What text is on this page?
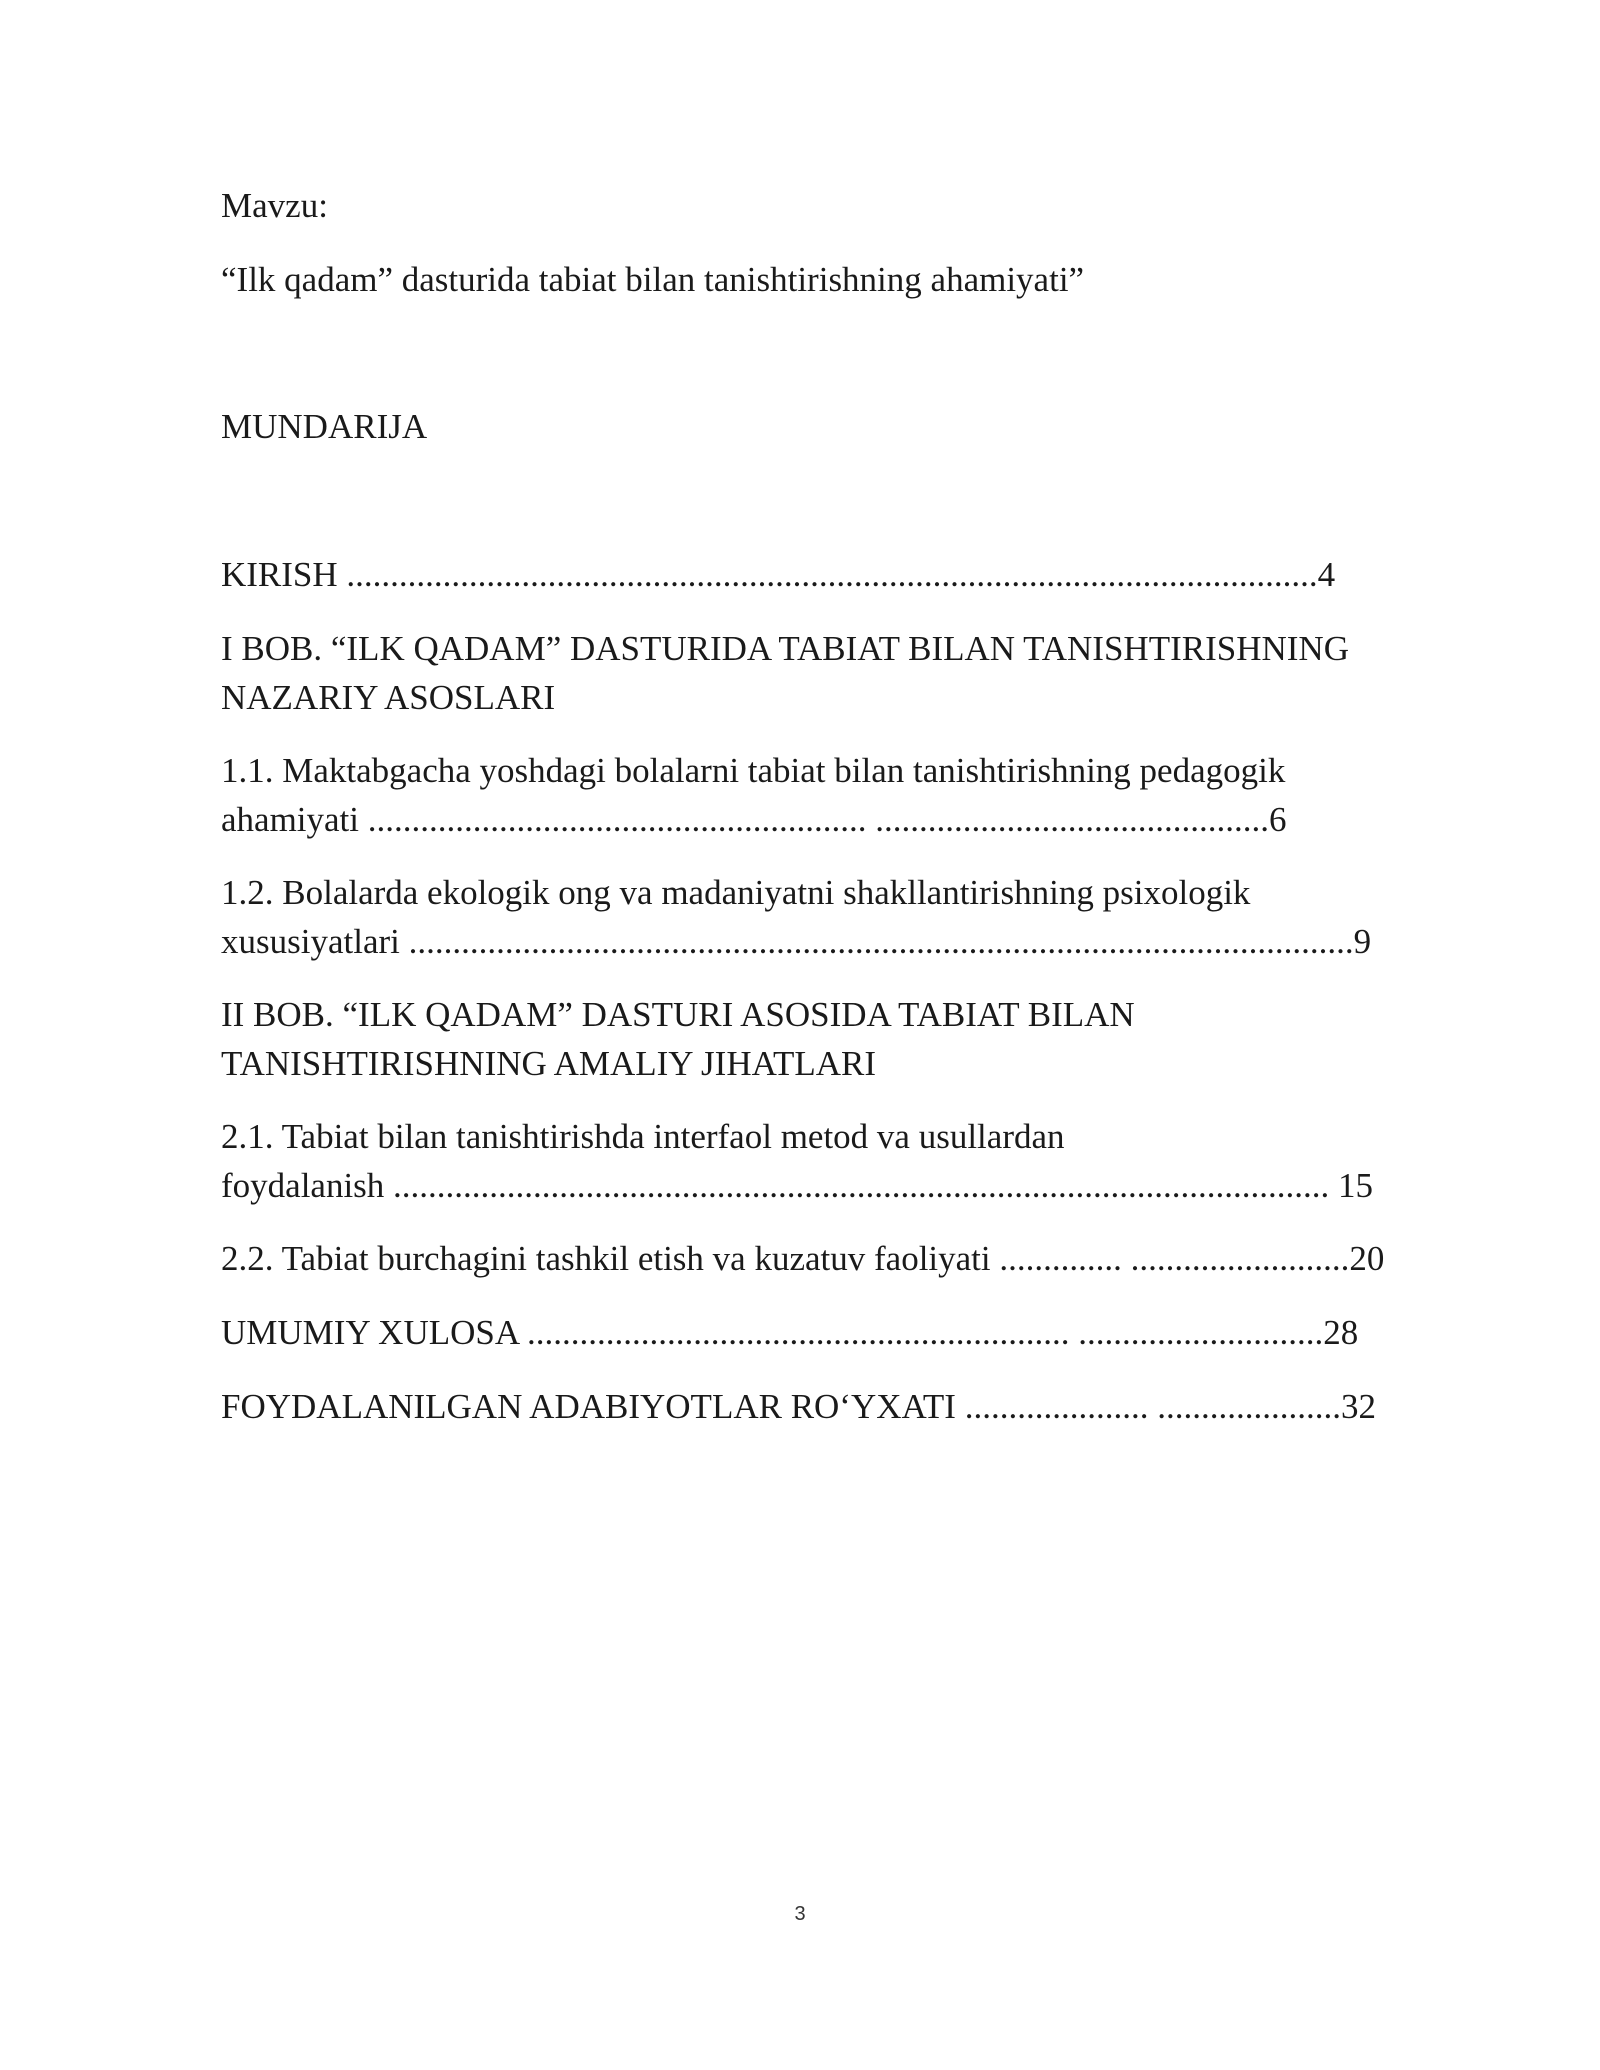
Mavzu:

“Ilk qadam” dasturida tabiat bilan tanishtirishning ahamiyati”

MUNDARIJA

KIRISH ...............................................................................................................4
I BOB. “ILK QADAM” DASTURIDA TABIAT BILAN TANISHTIRISHNING
NAZARIY ASOSLARI
1.1. Maktabgacha yoshdagi bolalarni tabiat bilan tanishtirishning pedagogik
ahamiyati ......................................................... .............................................6
1.2. Bolalarda ekologik ong va madaniyatni shakllantirishning psixologik
xususiyatlari ............................................................................................................9
II BOB. “ILK QADAM” DASTURI ASOSIDA TABIAT BILAN
TANISHTIRISHNING AMALIY JIHATLARI
2.1. Tabiat bilan tanishtirishda interfaol metod va usullardan
foydalanish ........................................................................................................... 15
2.2. Tabiat burchagini tashkil etish va kuzatuv faoliyati .............. .........................20
UMUMIY XULOSA .............................................................. ............................28
FOYDALANILGAN ADABIYOTLAR RO‘YXATI ..................... .....................32
3
